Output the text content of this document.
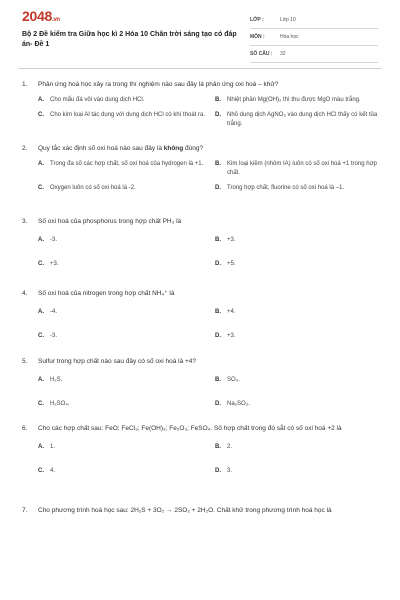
2048.vn
Bộ 2 Đề kiểm tra Giữa học kì 2 Hóa 10 Chân trời sáng tạo có đáp án- Đề 1
LỚP :	Lớp 10
MÔN :	Hóa học
SỐ CÂU :	32
1.	Phản ứng hoá học xảy ra trong thí nghiệm nào sau đây là phản ứng oxi hoá – khử?
A.	Cho mẩu đá vôi vào dung dịch HCl.	B.	Nhiệt phân Mg(OH)₂ thì thu được MgO màu trắng.
C.	Cho kim loại Al tác dụng với dung dịch HCl có khí thoát ra. D.	Nhỏ dung dịch AgNO₃ vào dung dịch HCl thấy có kết tủa trắng.
2.	Quy tắc xác định số oxi hoá nào sau đây là không đúng?
A.	Trong đa số các hợp chất, số oxi hoá của hydrogen là +1. B.	Kim loại kiềm (nhóm IA) luôn có số oxi hoá +1 trong hợp chất.
C.	Oxygen luôn có số oxi hoá là -2.	D.	Trong hợp chất, fluorine có số oxi hoá là –1.
3.	Số oxi hoá của phosphorus trong hợp chất PH₃ là
A.	-3.	B.	+3.
C.	+3.	D.	+5.
4.	Số oxi hoá của nitrogen trong hợp chất NH₄⁺ là
A.	-4.	B.	+4.
C.	-3.	D.	+3.
5.	Sulfur trong hợp chất nào sau đây có số oxi hoá là +4?
A.	H₂S.	B.	SO₃.
C.	H₂SO₄.	D.	Na₂SO₃.
6.	Cho các hợp chất sau: FeO; FeCl₃; Fe(OH)₃; Fe₂O₃; FeSO₄. Số hợp chất trong đó sắt có số oxi hoá +2 là
A.	1.	B.	2.
C.	4.	D.	3.
7.	Cho phương trình hoá học sau: 2H₂S + 3O₂ → 2SO₂ + 2H₂O. Chất khử trong phương trình hoá học là
